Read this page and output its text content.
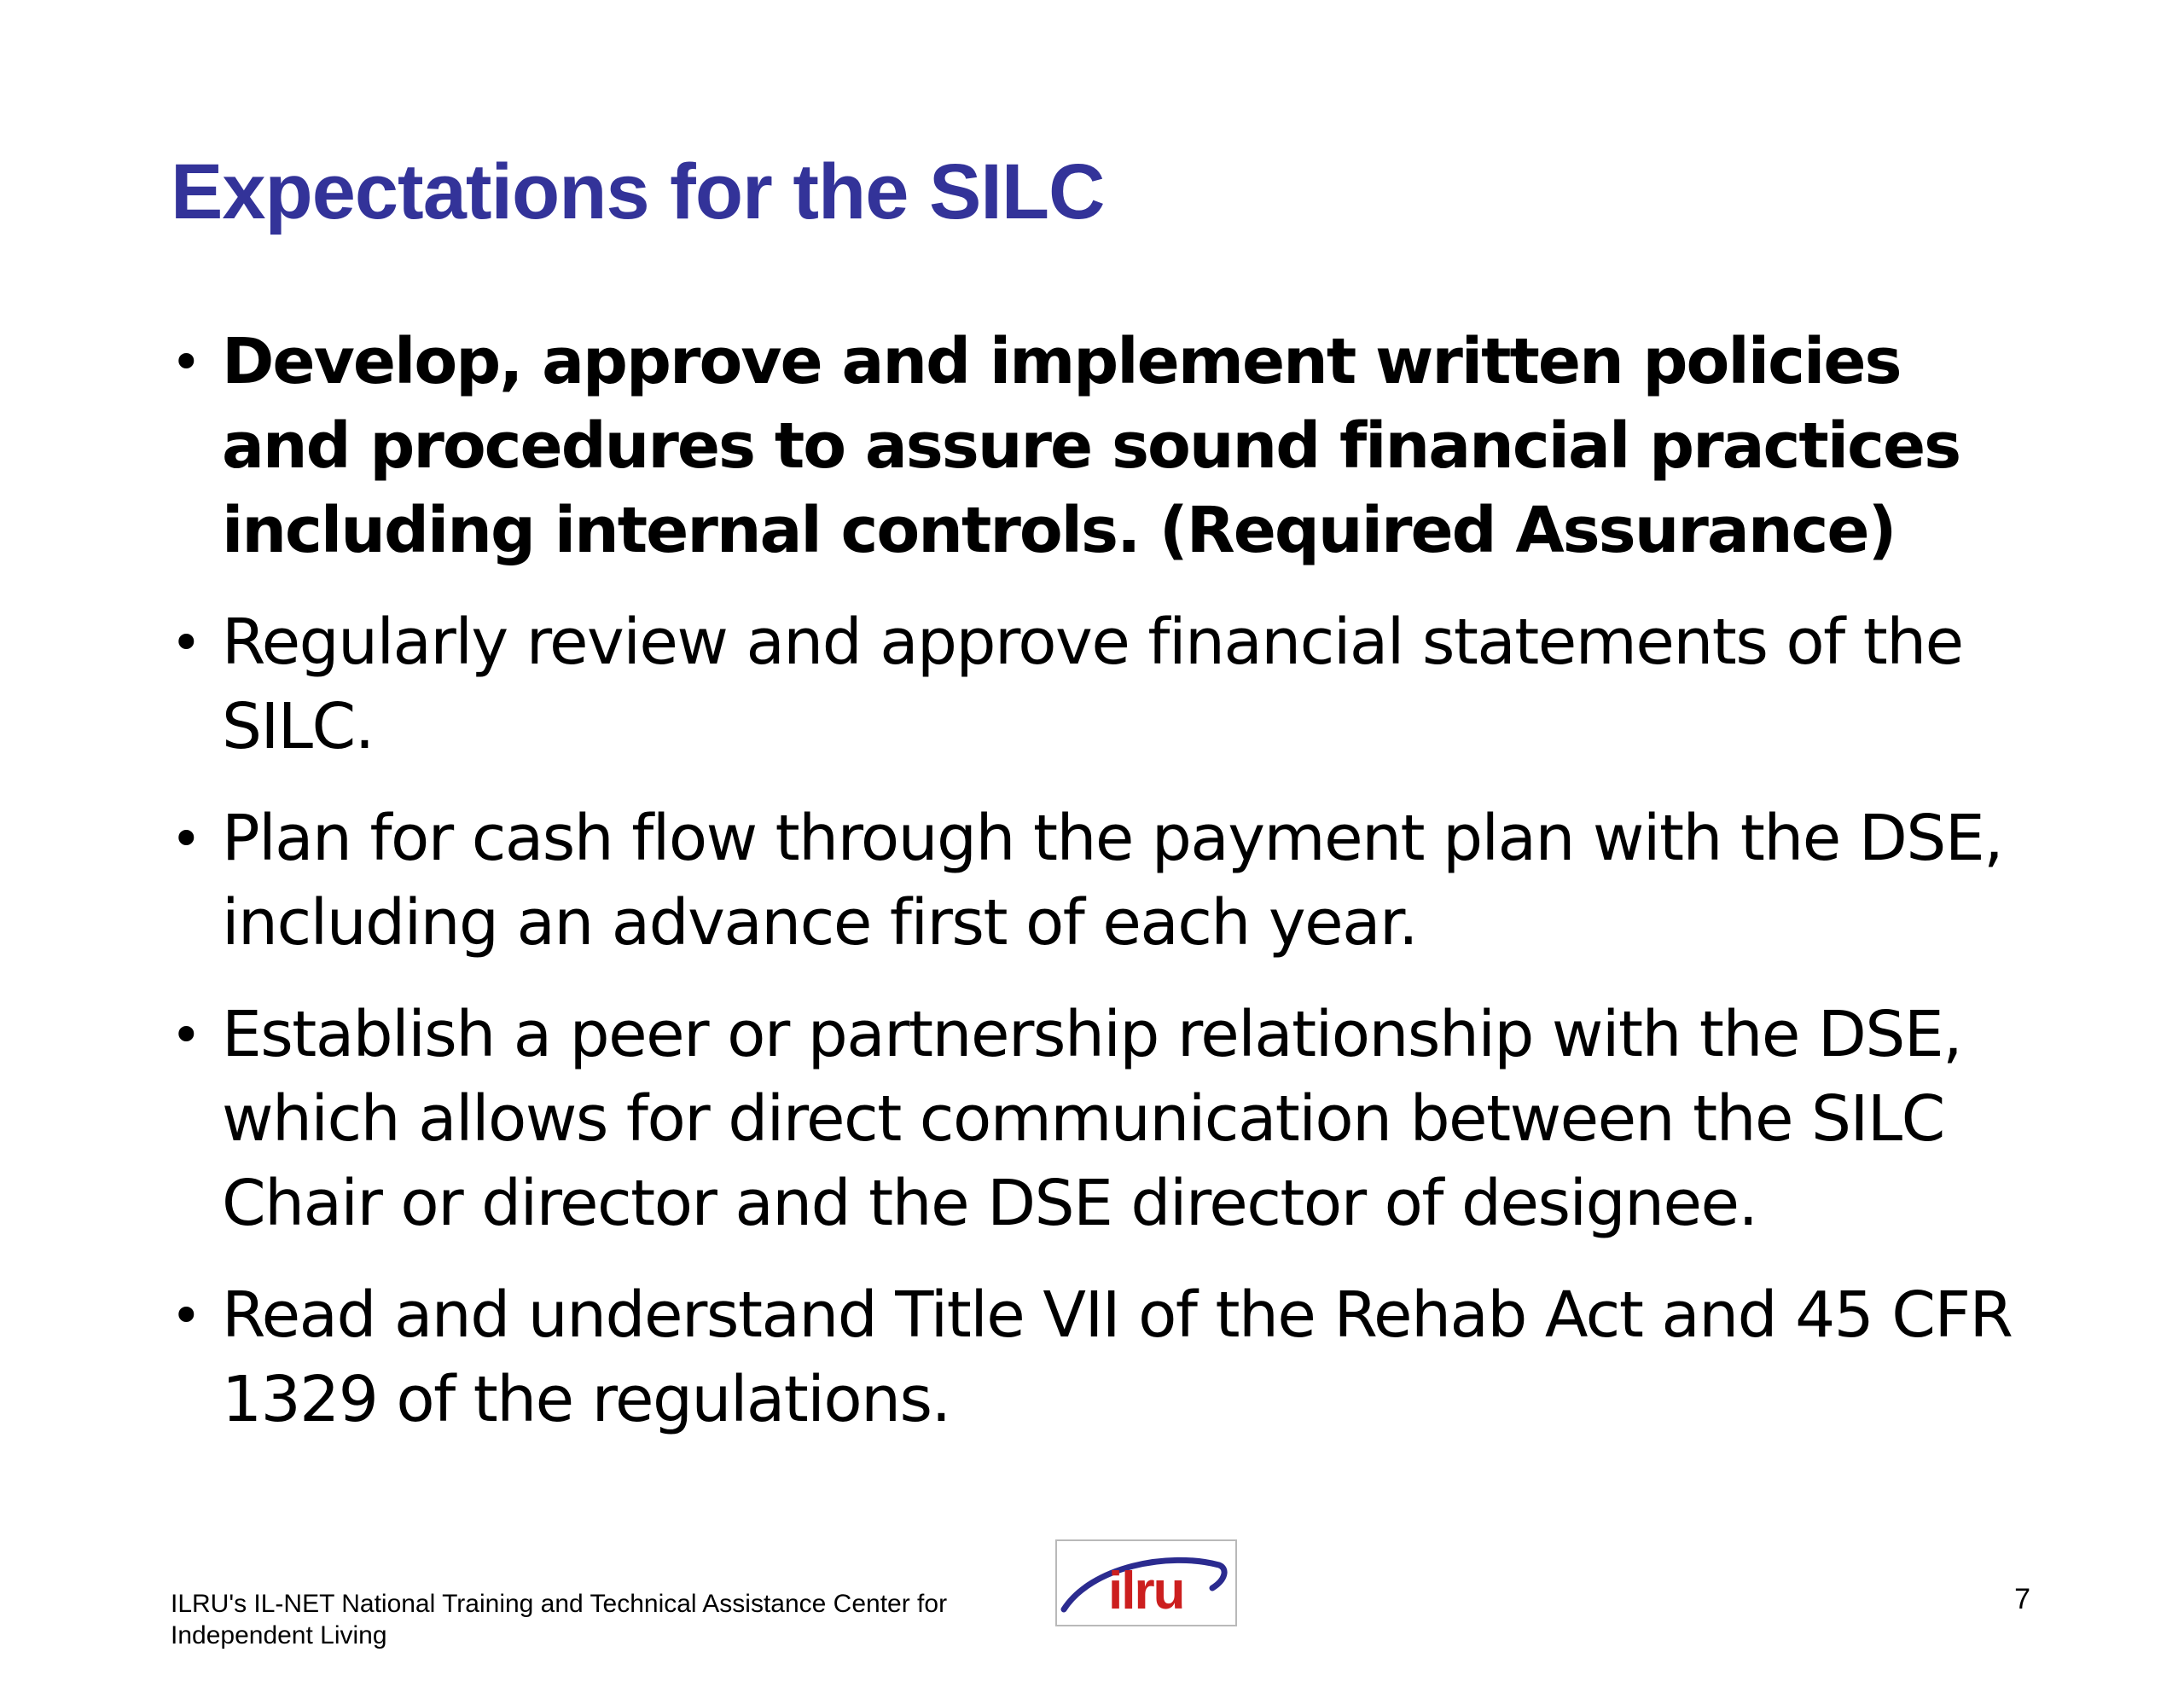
Expectations for the SILC
• Develop, approve and implement written policies and procedures to assure sound financial practices including internal controls. (Required Assurance)
• Regularly review and approve financial statements of the SILC.
• Plan for cash flow through the payment plan with the DSE, including an advance first of each year.
• Establish a peer or partnership relationship with the DSE, which allows for direct communication between the SILC Chair or director and the DSE director of designee.
• Read and understand Title VII of the Rehab Act and 45 CFR 1329 of the regulations.
ILRU's IL-NET National Training and Technical Assistance Center for Independent Living
ilru	7
